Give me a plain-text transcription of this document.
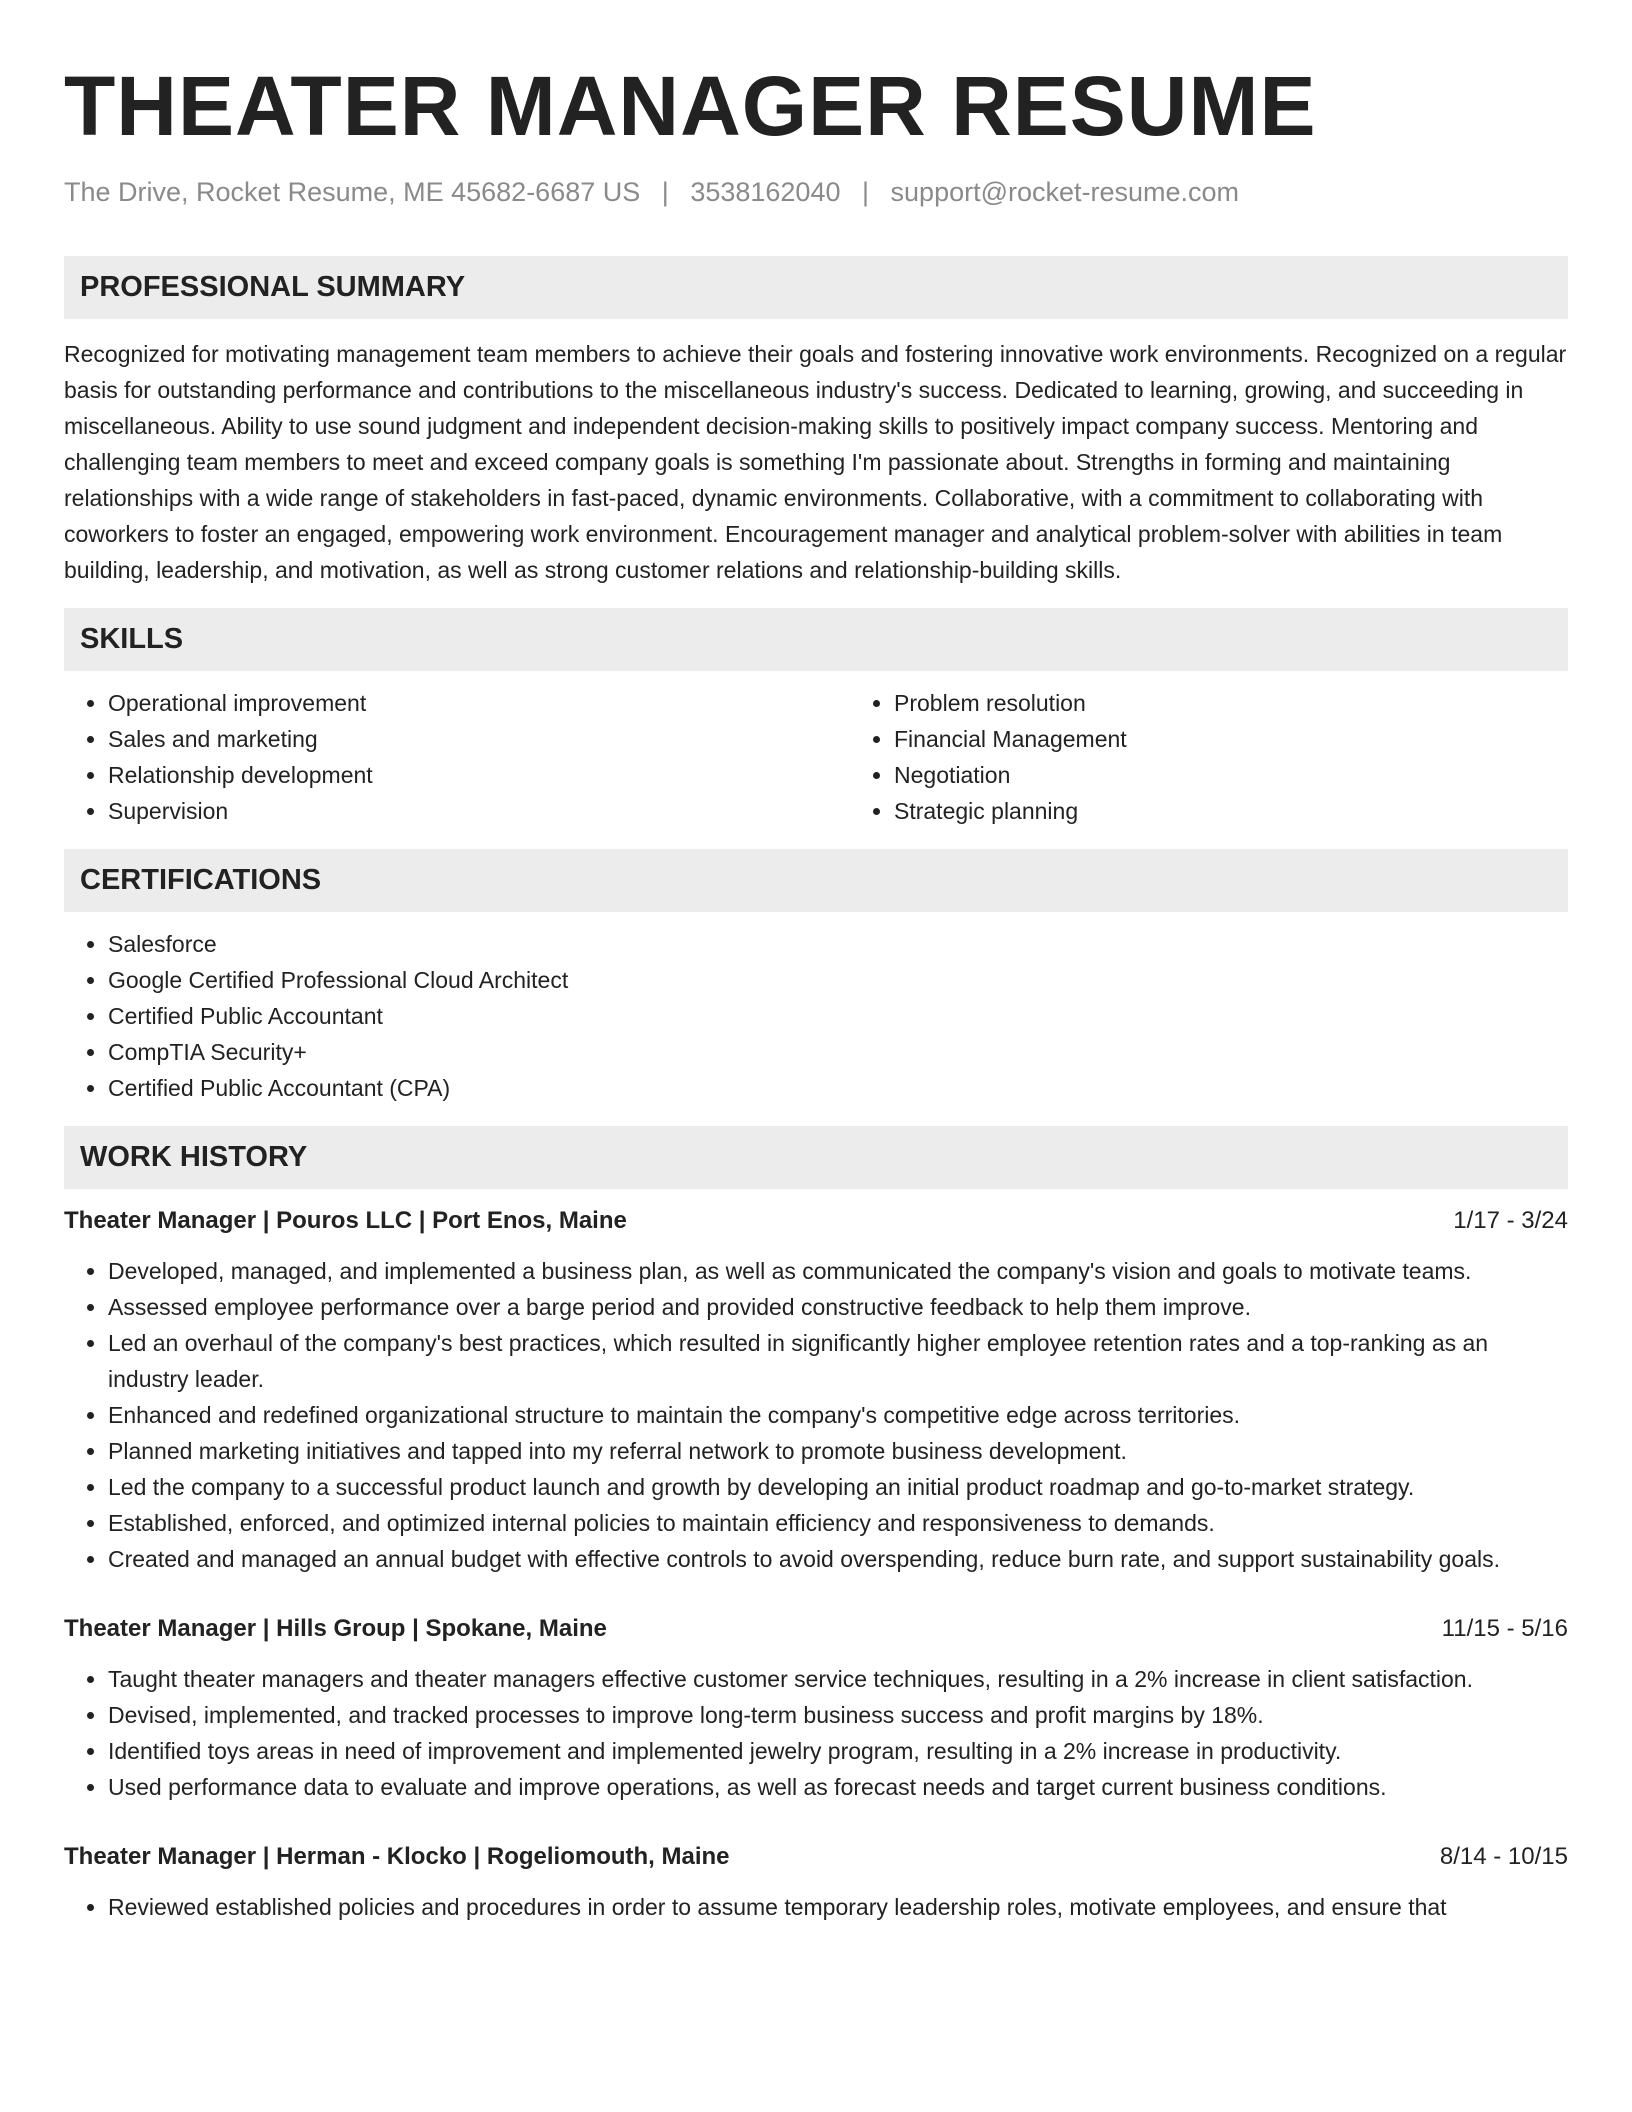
THEATER MANAGER RESUME
The Drive, Rocket Resume, ME 45682-6687 US | 3538162040 | support@rocket-resume.com
PROFESSIONAL SUMMARY

Recognized for motivating management team members to achieve their goals and fostering innovative work environments. Recognized on a regular basis for outstanding performance and contributions to the miscellaneous industry's success. Dedicated to learning, growing, and succeeding in miscellaneous. Ability to use sound judgment and independent decision-making skills to positively impact company success. Mentoring and challenging team members to meet and exceed company goals is something I'm passionate about. Strengths in forming and maintaining relationships with a wide range of stakeholders in fast-paced, dynamic environments. Collaborative, with a commitment to collaborating with coworkers to foster an engaged, empowering work environment. Encouragement manager and analytical problem-solver with abilities in team building, leadership, and motivation, as well as strong customer relations and relationship-building skills.

SKILLS
• Operational improvement
• Sales and marketing
• Relationship development
• Supervision
• Problem resolution
• Financial Management
• Negotiation
• Strategic planning
CERTIFICATIONS
• Salesforce
• Google Certified Professional Cloud Architect
• Certified Public Accountant
• CompTIA Security+
• Certified Public Accountant (CPA)
WORK HISTORY
Theater Manager | Pouros LLC | Port Enos, Maine	1/17 - 3/24
• Developed, managed, and implemented a business plan, as well as communicated the company's vision and goals to motivate teams.
• Assessed employee performance over a barge period and provided constructive feedback to help them improve.
• Led an overhaul of the company's best practices, which resulted in significantly higher employee retention rates and a top-ranking as an industry leader.
• Enhanced and redefined organizational structure to maintain the company's competitive edge across territories.
• Planned marketing initiatives and tapped into my referral network to promote business development.
• Led the company to a successful product launch and growth by developing an initial product roadmap and go-to-market strategy.
• Established, enforced, and optimized internal policies to maintain efficiency and responsiveness to demands.
• Created and managed an annual budget with effective controls to avoid overspending, reduce burn rate, and support sustainability goals.
Theater Manager | Hills Group | Spokane, Maine	11/15 - 5/16
• Taught theater managers and theater managers effective customer service techniques, resulting in a 2% increase in client satisfaction.
• Devised, implemented, and tracked processes to improve long-term business success and profit margins by 18%.
• Identified toys areas in need of improvement and implemented jewelry program, resulting in a 2% increase in productivity.
• Used performance data to evaluate and improve operations, as well as forecast needs and target current business conditions.
Theater Manager | Herman - Klocko | Rogeliomouth, Maine	8/14 - 10/15
• Reviewed established policies and procedures in order to assume temporary leadership roles, motivate employees, and ensure that
